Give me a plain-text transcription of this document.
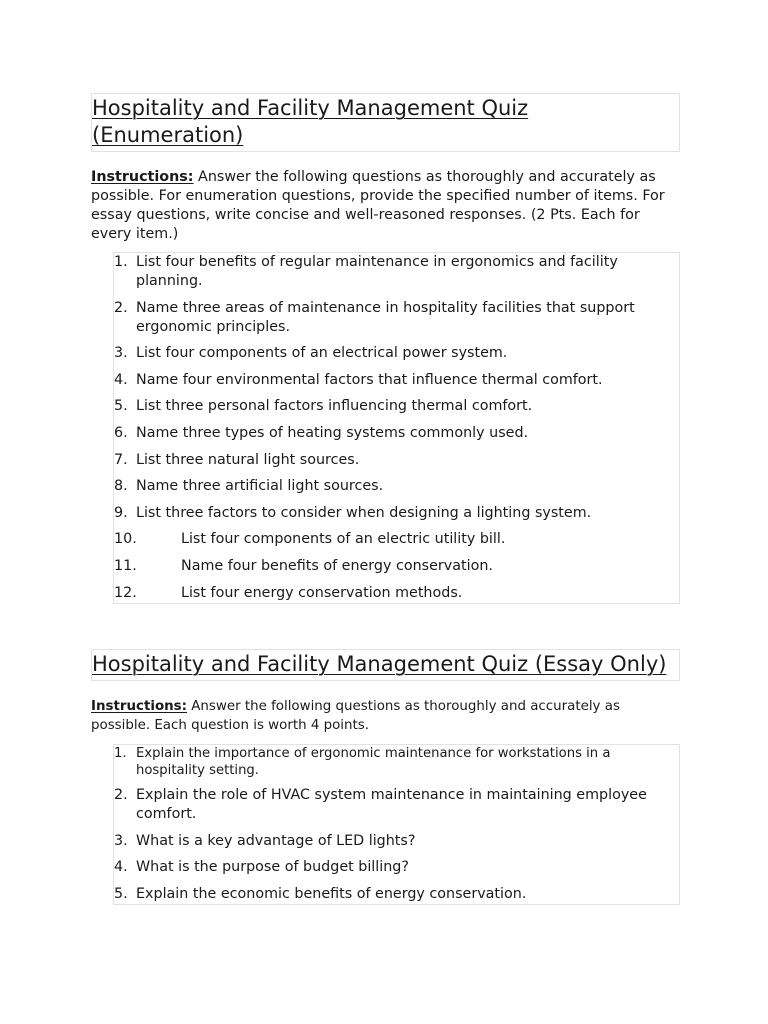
Hospitality and Facility Management Quiz (Enumeration)

Instructions: Answer the following questions as thoroughly and accurately as possible. For enumeration questions, provide the specified number of items. For essay questions, write concise and well-reasoned responses. (2 Pts. Each for every item.)

1. List four benefits of regular maintenance in ergonomics and facility planning.
2. Name three areas of maintenance in hospitality facilities that support ergonomic principles.
3. List four components of an electrical power system.
4. Name four environmental factors that influence thermal comfort.
5. List three personal factors influencing thermal comfort.
6. Name three types of heating systems commonly used.
7. List three natural light sources.
8. Name three artificial light sources.
9. List three factors to consider when designing a lighting system.
10.	List four components of an electric utility bill.
11.	Name four benefits of energy conservation.
12.	List four energy conservation methods.
Hospitality and Facility Management Quiz (Essay Only)

Instructions: Answer the following questions as thoroughly and accurately as possible. Each question is worth 4 points.

1. Explain the importance of ergonomic maintenance for workstations in a hospitality setting.
2. Explain the role of HVAC system maintenance in maintaining employee comfort.
3. What is a key advantage of LED lights?
4. What is the purpose of budget billing?
5. Explain the economic benefits of energy conservation.
